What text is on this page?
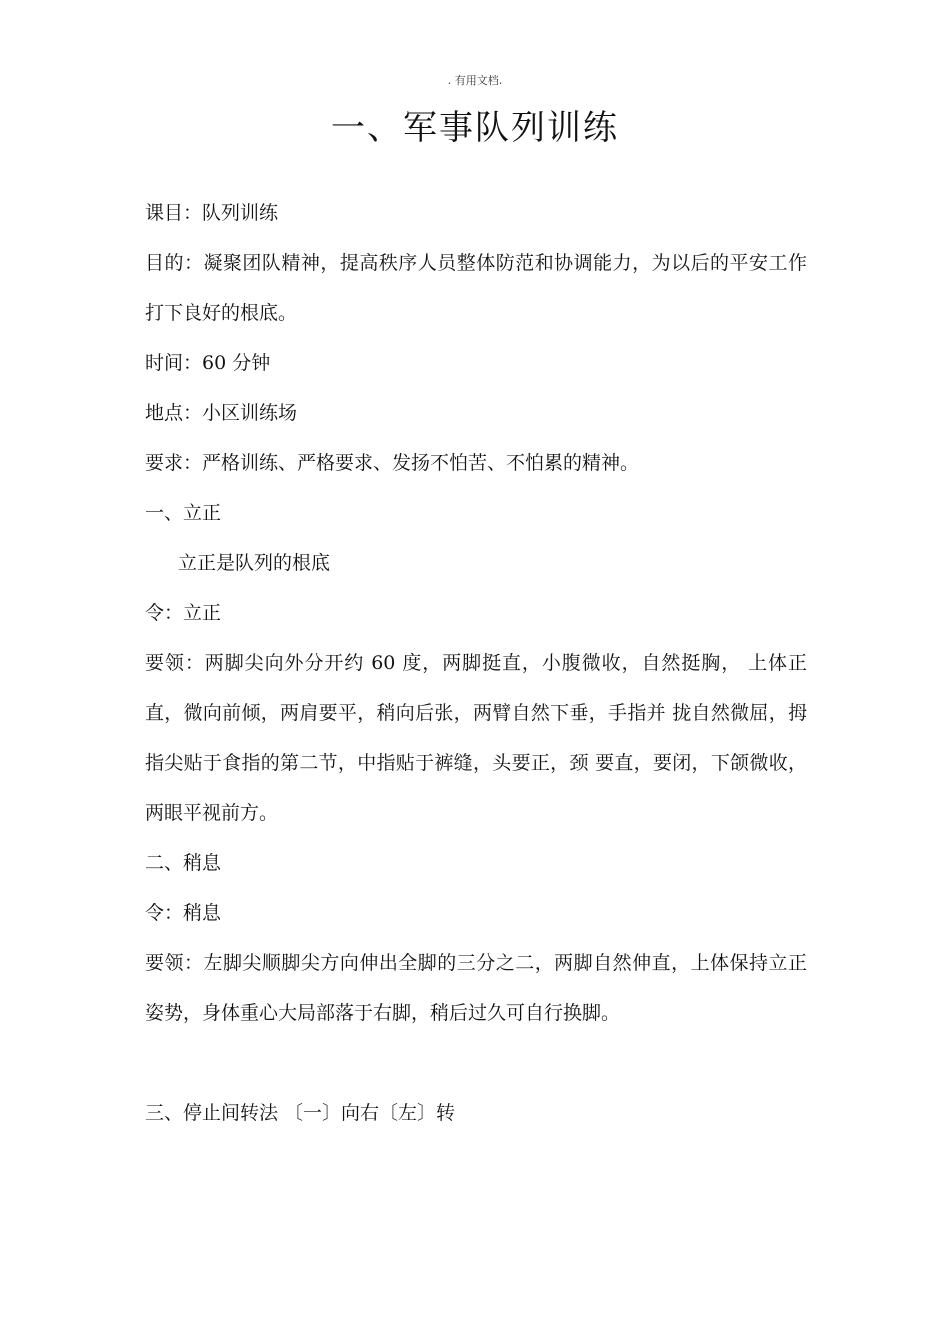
. 有用文档.
一、军事队列训练

课目：队列训练

目的：凝聚团队精神，提高秩序人员整体防范和协调能力，为以后的平安工作打下良好的根底。

时间：60 分钟

地点：小区训练场

要求：严格训练、严格要求、发扬不怕苦、不怕累的精神。

一、立正

立正是队列的根底

令：立正

要领：两脚尖向外分开约 60 度，两脚挺直，小腹微收，自然挺胸， 上体正直，微向前倾，两肩要平，稍向后张，两臂自然下垂，手指并 拢自然微屈，拇指尖贴于食指的第二节，中指贴于裤缝，头要正，颈 要直，要闭，下颌微收，两眼平视前方。

二、稍息

令：稍息

要领：左脚尖顺脚尖方向伸出全脚的三分之二，两脚自然伸直，上体保持立正姿势，身体重心大局部落于右脚，稍后过久可自行换脚。

三、停止间转法 〔一〕向右〔左〕转
